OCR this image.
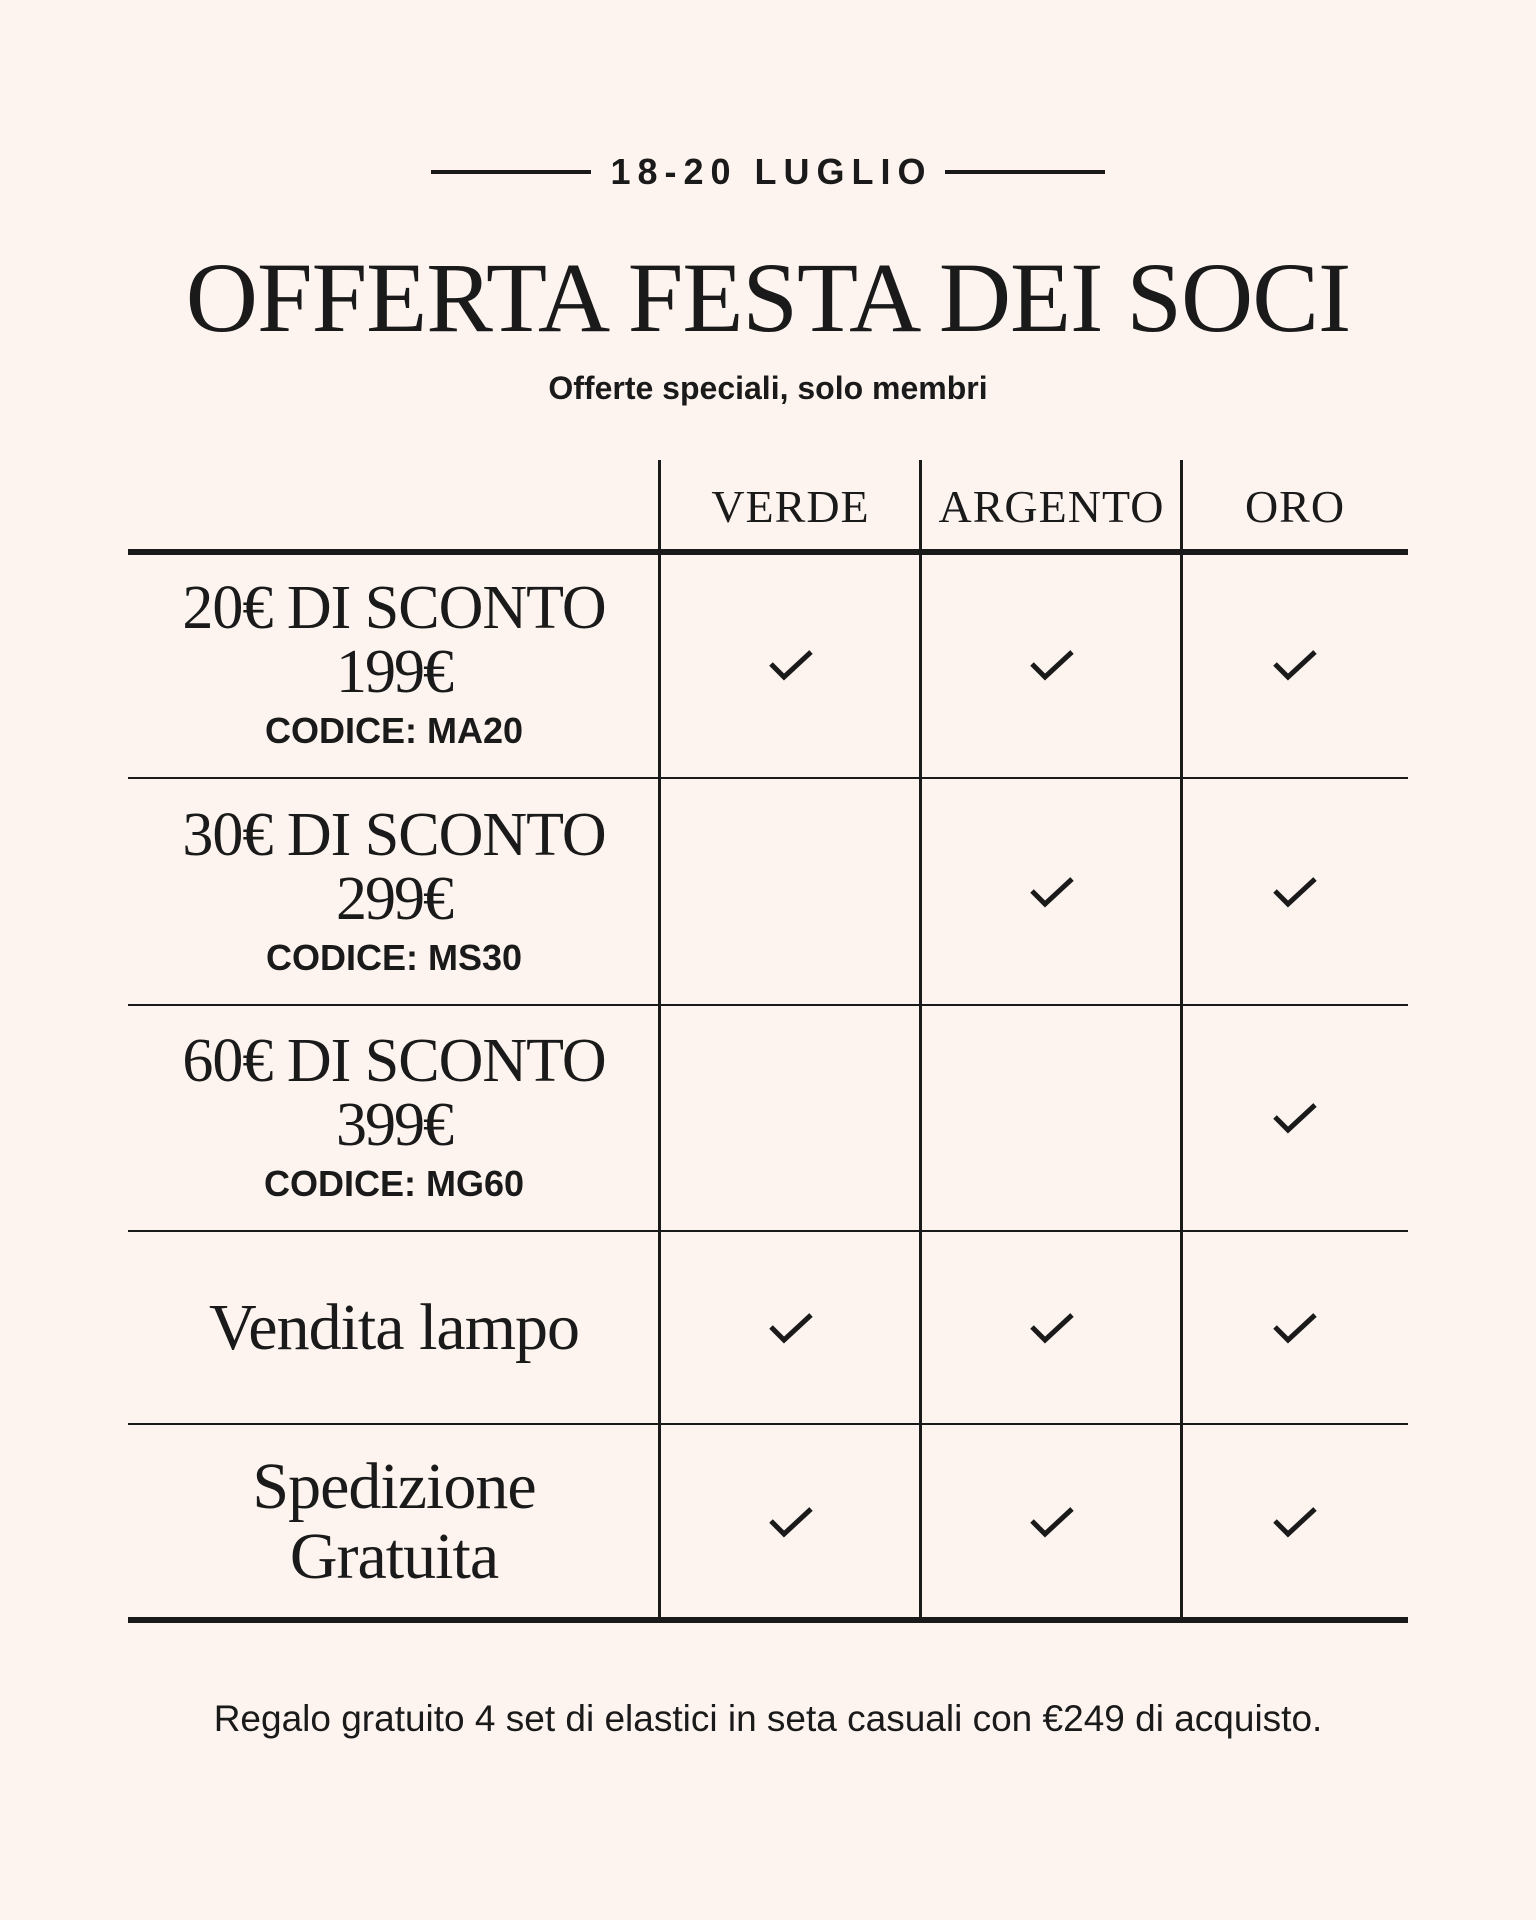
18-20 LUGLIO
OFFERTA FESTA DEI SOCI
Offerte speciali, solo membri
VERDE	ARGENTO	ORO
20€ DI SCONTO
199€
CODICE: MA20
30€ DI SCONTO
299€
CODICE: MS30
60€ DI SCONTO
399€
CODICE: MG60
Vendita lampo
Spedizione
Gratuita
Regalo gratuito 4 set di elastici in seta casuali con €249 di acquisto.
